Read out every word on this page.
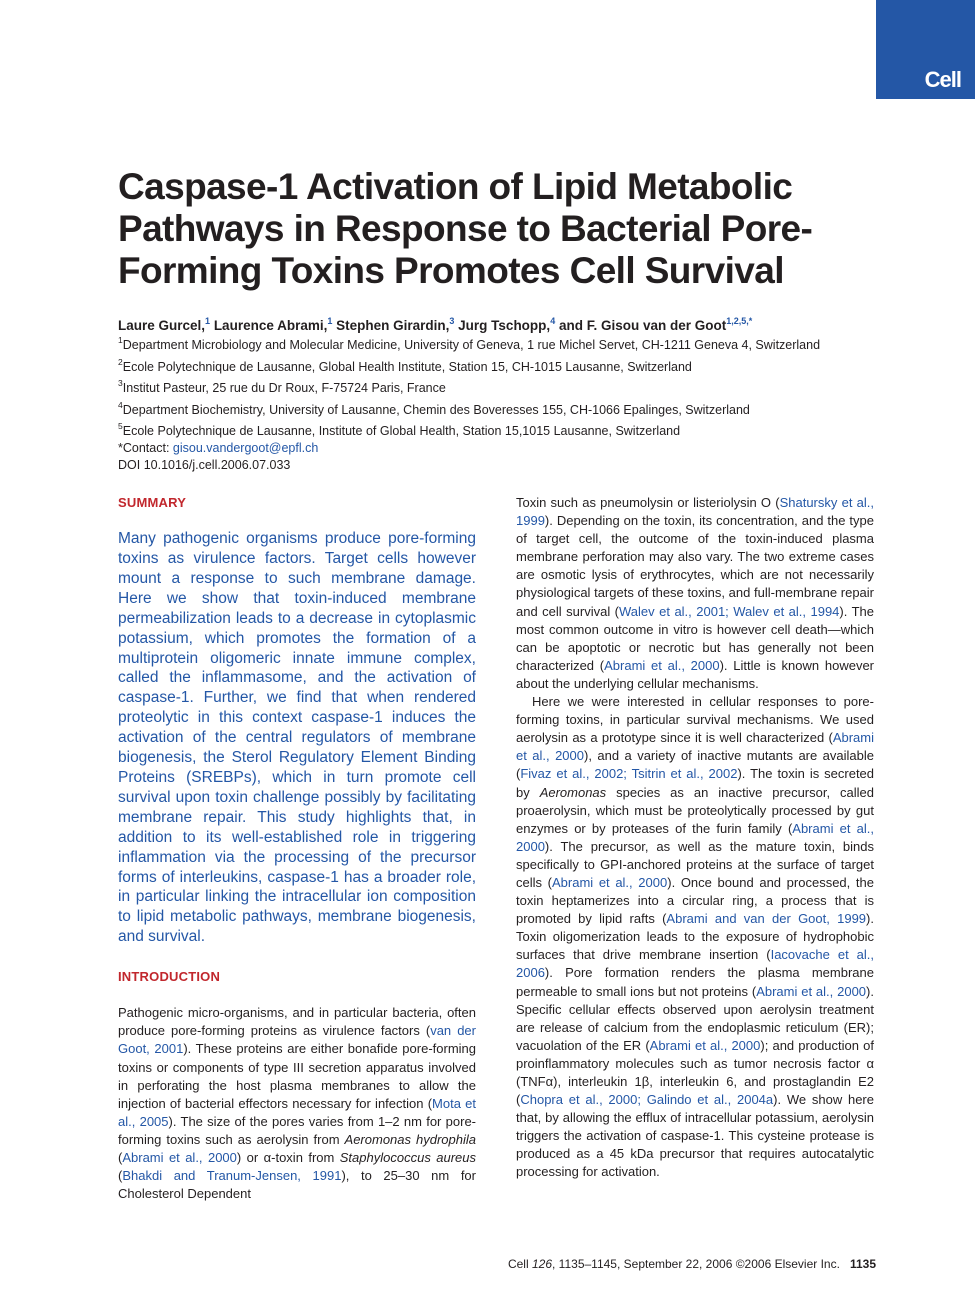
Cell
Caspase-1 Activation of Lipid Metabolic Pathways in Response to Bacterial Pore-Forming Toxins Promotes Cell Survival
Laure Gurcel,$^1$ Laurence Abrami,$^1$ Stephen Girardin,$^3$ Jurg Tschopp,$^4$ and F. Gisou van der Goot$^{1,2,5,*}$
$^1$Department Microbiology and Molecular Medicine, University of Geneva, 1 rue Michel Servet, CH-1211 Geneva 4, Switzerland
$^2$Ecole Polytechnique de Lausanne, Global Health Institute, Station 15, CH-1015 Lausanne, Switzerland
$^3$Institut Pasteur, 25 rue du Dr Roux, F-75724 Paris, France
$^4$Department Biochemistry, University of Lausanne, Chemin des Boveresses 155, CH-1066 Epalinges, Switzerland
$^5$Ecole Polytechnique de Lausanne, Institute of Global Health, Station 15,1015 Lausanne, Switzerland
*Contact: gisou.vandergoot@epfl.ch
DOI 10.1016/j.cell.2006.07.033

SUMMARY

Many pathogenic organisms produce pore-forming toxins as virulence factors. Target cells however mount a response to such membrane damage. Here we show that toxin-induced membrane permeabilization leads to a decrease in cytoplasmic potassium, which promotes the formation of a multiprotein oligomeric innate immune complex, called the inflammasome, and the activation of caspase-1. Further, we find that when rendered proteolytic in this context caspase-1 induces the activation of the central regulators of membrane biogenesis, the Sterol Regulatory Element Binding Proteins (SREBPs), which in turn promote cell survival upon toxin challenge possibly by facilitating membrane repair. This study highlights that, in addition to its well-established role in triggering inflammation via the processing of the precursor forms of interleukins, caspase-1 has a broader role, in particular linking the intracellular ion composition to lipid metabolic pathways, membrane biogenesis, and survival.

INTRODUCTION

Pathogenic micro-organisms, and in particular bacteria, often produce pore-forming proteins as virulence factors (van der Goot, 2001). These proteins are either bonafide pore-forming toxins or components of type III secretion apparatus involved in perforating the host plasma membranes to allow the injection of bacterial effectors necessary for infection (Mota et al., 2005). The size of the pores varies from 1–2 nm for pore-forming toxins such as aerolysin from Aeromonas hydrophila (Abrami et al., 2000) or α-toxin from Staphylococcus aureus (Bhakdi and Tranum-Jensen, 1991), to 25–30 nm for Cholesterol Dependent

Toxin such as pneumolysin or listeriolysin O (Shatursky et al., 1999). Depending on the toxin, its concentration, and the type of target cell, the outcome of the toxin-induced plasma membrane perforation may also vary. The two extreme cases are osmotic lysis of erythrocytes, which are not necessarily physiological targets of these toxins, and full-membrane repair and cell survival (Walev et al., 2001; Walev et al., 1994). The most common outcome in vitro is however cell death—which can be apoptotic or necrotic but has generally not been characterized (Abrami et al., 2000). Little is known however about the underlying cellular mechanisms.

Here we were interested in cellular responses to pore-forming toxins, in particular survival mechanisms. We used aerolysin as a prototype since it is well characterized (Abrami et al., 2000), and a variety of inactive mutants are available (Fivaz et al., 2002; Tsitrin et al., 2002). The toxin is secreted by Aeromonas species as an inactive precursor, called proaerolysin, which must be proteolytically processed by gut enzymes or by proteases of the furin family (Abrami et al., 2000). The precursor, as well as the mature toxin, binds specifically to GPI-anchored proteins at the surface of target cells (Abrami et al., 2000). Once bound and processed, the toxin heptamerizes into a circular ring, a process that is promoted by lipid rafts (Abrami and van der Goot, 1999). Toxin oligomerization leads to the exposure of hydrophobic surfaces that drive membrane insertion (Iacovache et al., 2006). Pore formation renders the plasma membrane permeable to small ions but not proteins (Abrami et al., 2000). Specific cellular effects observed upon aerolysin treatment are release of calcium from the endoplasmic reticulum (ER); vacuolation of the ER (Abrami et al., 2000); and production of proinflammatory molecules such as tumor necrosis factor α (TNFα), interleukin 1β, interleukin 6, and prostaglandin E2 (Chopra et al., 2000; Galindo et al., 2004a). We show here that, by allowing the efflux of intracellular potassium, aerolysin triggers the activation of caspase-1. This cysteine protease is produced as a 45 kDa precursor that requires autocatalytic processing for activation.

Cell 126, 1135–1145, September 22, 2006 ©2006 Elsevier Inc. 1135
